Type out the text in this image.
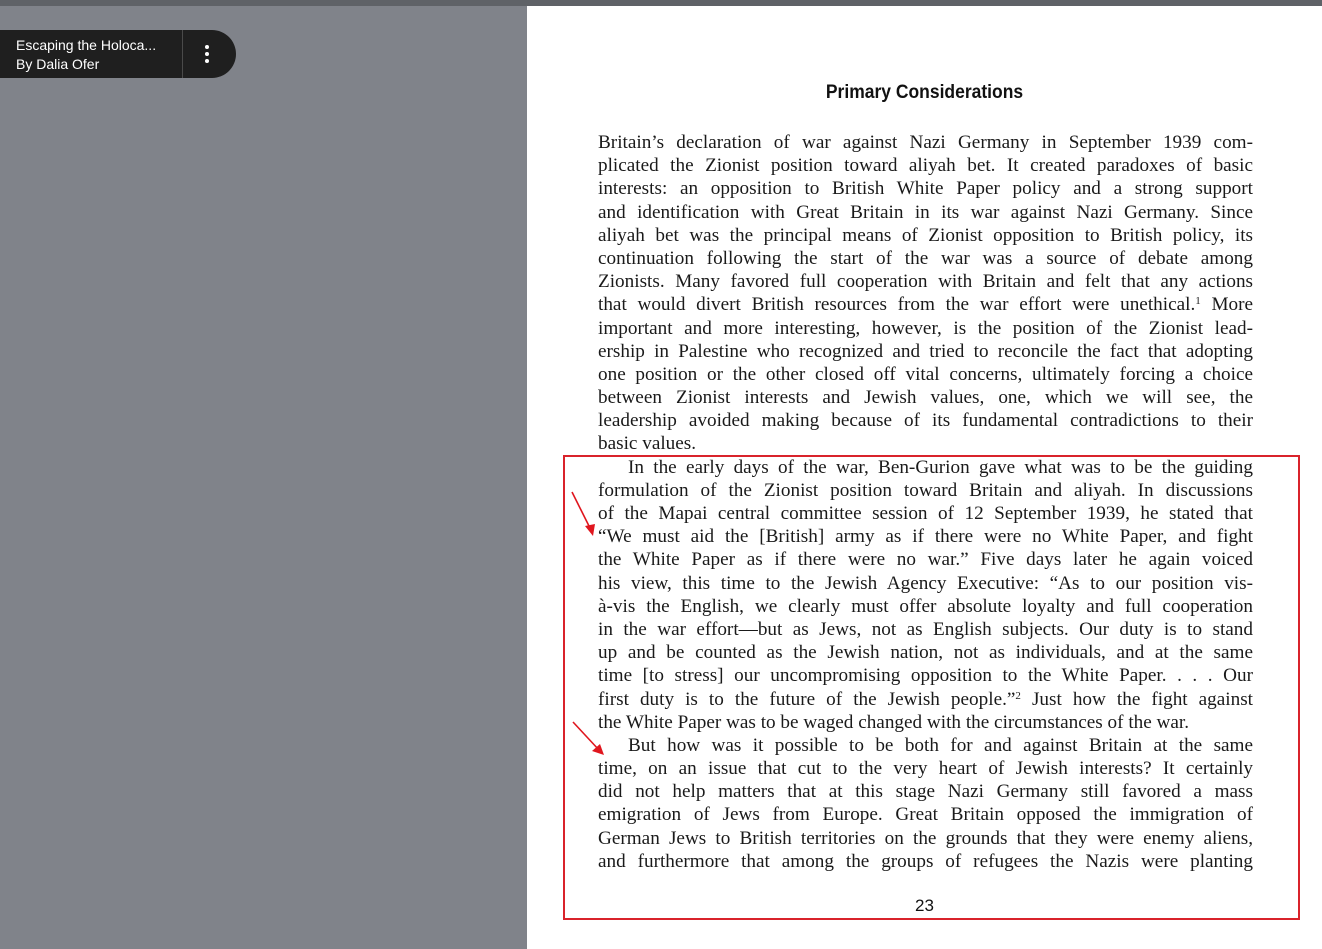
Escaping the Holoca...
By Dalia Ofer
Primary Considerations
Britain’s declaration of war against Nazi Germany in September 1939 com-
plicated the Zionist position toward aliyah bet. It created paradoxes of basic
interests: an opposition to British White Paper policy and a strong support
and identification with Great Britain in its war against Nazi Germany. Since
aliyah bet was the principal means of Zionist opposition to British policy, its
continuation following the start of the war was a source of debate among
Zionists. Many favored full cooperation with Britain and felt that any actions
that would divert British resources from the war effort were unethical.$^1$ More
important and more interesting, however, is the position of the Zionist lead-
ership in Palestine who recognized and tried to reconcile the fact that adopting
one position or the other closed off vital concerns, ultimately forcing a choice
between Zionist interests and Jewish values, one, which we will see, the
leadership avoided making because of its fundamental contradictions to their
basic values.
In the early days of the war, Ben-Gurion gave what was to be the guiding
formulation of the Zionist position toward Britain and aliyah. In discussions
of the Mapai central committee session of 12 September 1939, he stated that
“We must aid the [British] army as if there were no White Paper, and fight
the White Paper as if there were no war.” Five days later he again voiced
his view, this time to the Jewish Agency Executive: “As to our position vis-
à-vis the English, we clearly must offer absolute loyalty and full cooperation
in the war effort—but as Jews, not as English subjects. Our duty is to stand
up and be counted as the Jewish nation, not as individuals, and at the same
time [to stress] our uncompromising opposition to the White Paper. . . . Our
first duty is to the future of the Jewish people.”$^2$ Just how the fight against
the White Paper was to be waged changed with the circumstances of the war.
But how was it possible to be both for and against Britain at the same
time, on an issue that cut to the very heart of Jewish interests? It certainly
did not help matters that at this stage Nazi Germany still favored a mass
emigration of Jews from Europe. Great Britain opposed the immigration of
German Jews to British territories on the grounds that they were enemy aliens,
and furthermore that among the groups of refugees the Nazis were planting
23
